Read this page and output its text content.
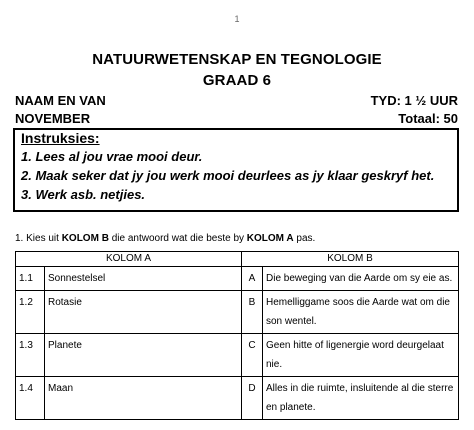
1
NATUURWETENSKAP EN TEGNOLOGIE
GRAAD 6
NAAM EN VAN	TYD: 1 ½ UUR
NOVEMBER	Totaal: 50
Instruksies:
1. Lees al jou vrae mooi deur.
2. Maak seker dat jy jou werk mooi deurlees as jy klaar geskryf het.
3. Werk asb. netjies.
1. Kies uit KOLOM B die antwoord wat die beste by KOLOM A pas.
KOLOM A		KOLOM B	
1.1	Sonnestelsel	A	Die beweging van die Aarde om sy eie as.
1.2	Rotasie	B	Hemelliggame soos die Aarde wat om die son wentel.
1.3	Planete	C	Geen hitte of ligenergie word deurgelaat nie.
1.4	Maan	D	Alles in die ruimte, insluitende al die sterre en planete.
